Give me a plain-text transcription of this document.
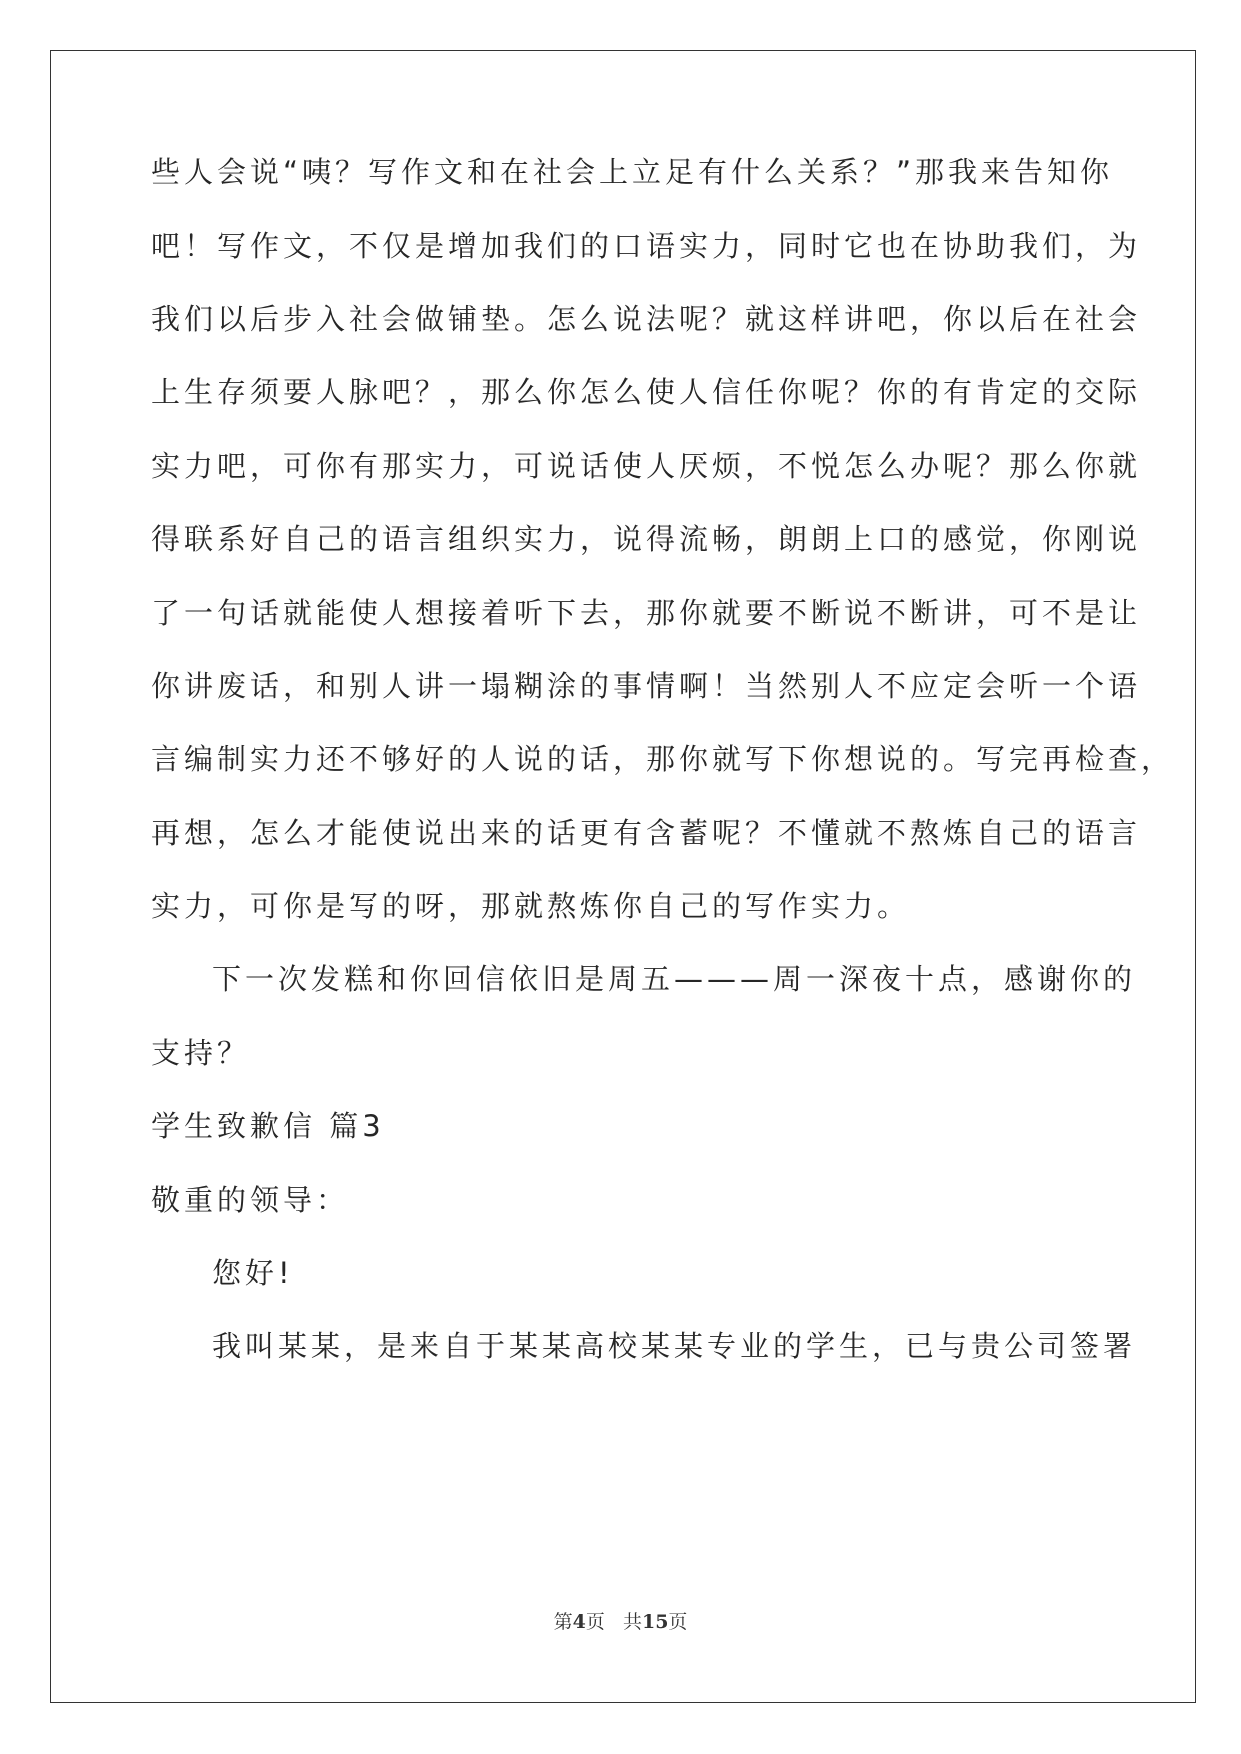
些人会说“咦？写作文和在社会上立足有什么关系？”那我来告知你
吧！写作文，不仅是增加我们的口语实力，同时它也在协助我们，为
我们以后步入社会做铺垫。怎么说法呢？就这样讲吧，你以后在社会
上生存须要人脉吧？，那么你怎么使人信任你呢？你的有肯定的交际
实力吧，可你有那实力，可说话使人厌烦，不悦怎么办呢？那么你就
得联系好自己的语言组织实力，说得流畅，朗朗上口的感觉，你刚说
了一句话就能使人想接着听下去，那你就要不断说不断讲，可不是让
你讲废话，和别人讲一塌糊涂的事情啊！当然别人不应定会听一个语
言编制实力还不够好的人说的话，那你就写下你想说的。写完再检查，
再想，怎么才能使说出来的话更有含蓄呢？不懂就不熬炼自己的语言
实力，可你是写的呀，那就熬炼你自己的写作实力。
下一次发糕和你回信依旧是周五———周一深夜十点，感谢你的
支持？
学生致歉信 篇3
敬重的领导：
您好!
我叫某某，是来自于某某高校某某专业的学生，已与贵公司签署
第4页 共15页
